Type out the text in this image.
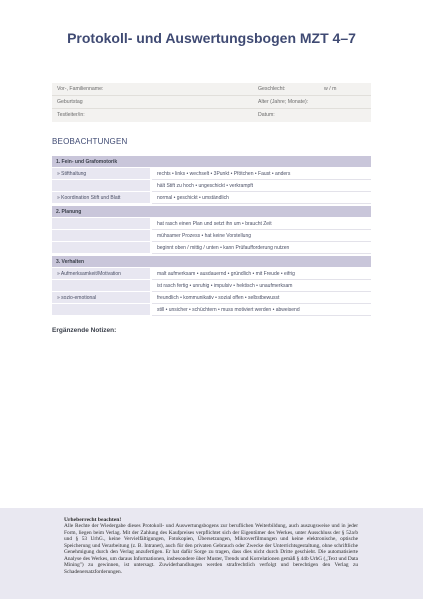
Protokoll- und Auswertungsbogen MZT 4–7
Vor-, Familienname:	Geschlecht:	w / m
Geburtstag	Alter (Jahre; Monate):
Testleiter/in:	Datum:
BEOBACHTUNGEN
1. Fein- und Grafomotorik
» Stifthaltung	rechts • links • wechselt • 3Punkt • Pfötchen • Faust • anders
hält Stift zu hoch • ungeschickt • verkrampft
» Koordination Stift und Blatt	normal • geschickt • umständlich
2. Planung
hat rasch einen Plan und setzt ihn um • braucht Zeit
mühsamer Prozess • hat keine Vorstellung
beginnt oben / mittig / unten • kann Prüfaufforderung nutzen
3. Verhalten
» Aufmerksamkeit/Motivation	malt aufmerksam • ausdauernd • gründlich • mit Freude • eifrig
ist rasch fertig • unruhig • impulsiv • hektisch • unaufmerksam
» sozio-emotional	freundlich • kommunikativ • sozial offen • selbstbewusst
still • unsicher • schüchtern • muss motiviert werden • abweisend
Ergänzende Notizen:
Urheberrecht beachten!
Alle Rechte der Wiedergabe dieses Protokoll- und Auswertungsbogens zur beruflichen Weiterbildung, auch auszugsweise und in jeder Form, liegen beim Verlag. Mit der Zahlung des Kaufpreises verpflichtet sich der Eigentümer des Werkes, unter Ausschluss der § 52a/b und § 53 UrhG., keine Vervielfältigungen, Fotokopien, Übersetzungen, Mikroverfilmungen und keine elektronische, optische Speicherung und Verarbeitung (z. B. Intranet), auch für den privaten Gebrauch oder Zwecke der Unterrichtsgestaltung, ohne schriftliche Genehmigung durch den Verlag anzufertigen. Er hat dafür Sorge zu tragen, dass dies nicht durch Dritte geschieht. Die automatisierte Analyse des Werkes, um daraus Informationen, insbesondere über Muster, Trends und Korrelationen gemäß § 44b UrhG („Text und Data Mining") zu gewinnen, ist untersagt. Zuwiderhandlungen werden strafrechtlich verfolgt und berechtigen den Verlag zu Schadenersatzforderungen.
